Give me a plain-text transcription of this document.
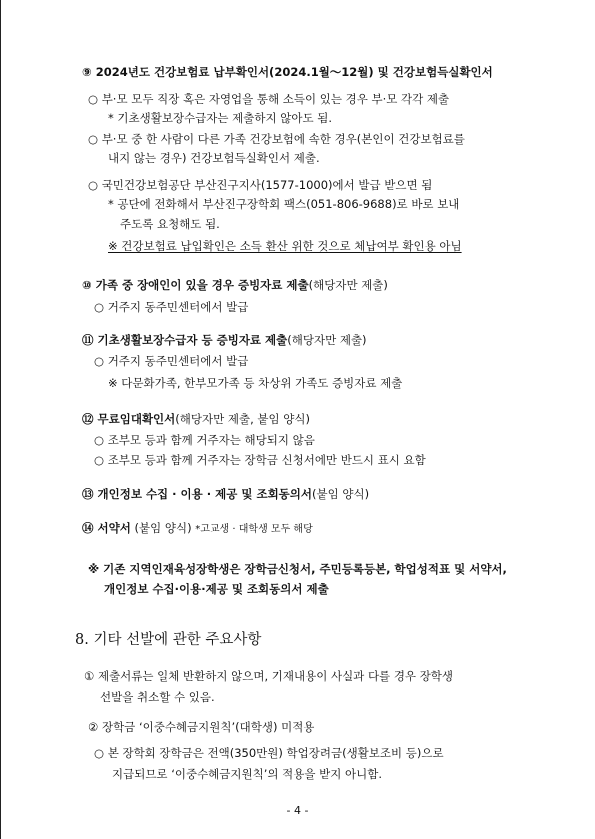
⑨ 2024년도 건강보험료 납부확인서(2024.1월～12월) 및 건강보험득실확인서
○ 부·모 모두 직장 혹은 자영업을 통해 소득이 있는 경우 부·모 각각 제출
* 기초생활보장수급자는 제출하지 않아도 됨.
○ 부·모 중 한 사람이 다른 가족 건강보험에 속한 경우(본인이 건강보험료를
내지 않는 경우) 건강보험득실확인서 제출.
○ 국민건강보험공단 부산진구지사(1577-1000)에서 발급 받으면 됨
* 공단에 전화해서 부산진구장학회 팩스(051-806-9688)로 바로 보내
주도록 요청해도 됨.
※ 건강보험료 납입확인은 소득 환산 위한 것으로 체납여부 확인용 아님
⑩ 가족 중 장애인이 있을 경우 증빙자료 제출(해당자만 제출)
○ 거주지 동주민센터에서 발급
⑪ 기초생활보장수급자 등 증빙자료 제출(해당자만 제출)
○ 거주지 동주민센터에서 발급
※ 다문화가족, 한부모가족 등 차상위 가족도 증빙자료 제출
⑫ 무료임대확인서(해당자만 제출, 붙임 양식)
○ 조부모 등과 함께 거주자는 해당되지 않음
○ 조부모 등과 함께 거주자는 장학금 신청서에만 반드시 표시 요함
⑬ 개인정보 수집 · 이용 · 제공 및 조회동의서(붙임 양식)
⑭ 서약서 (붙임 양식) *고교생 · 대학생 모두 해당
※ 기존 지역인재육성장학생은 장학금신청서, 주민등록등본, 학업성적표 및 서약서,
개인정보 수집·이용·제공 및 조회동의서 제출
8. 기타 선발에 관한 주요사항
① 제출서류는 일체 반환하지 않으며, 기재내용이 사실과 다를 경우 장학생
선발을 취소할 수 있음.
② 장학금 ‘이중수혜금지원칙’(대학생) 미적용
○ 본 장학회 장학금은 전액(350만원) 학업장려금(생활보조비 등)으로
지급되므로 ‘이중수혜금지원칙’의 적용을 받지 아니함.
- 4 -
